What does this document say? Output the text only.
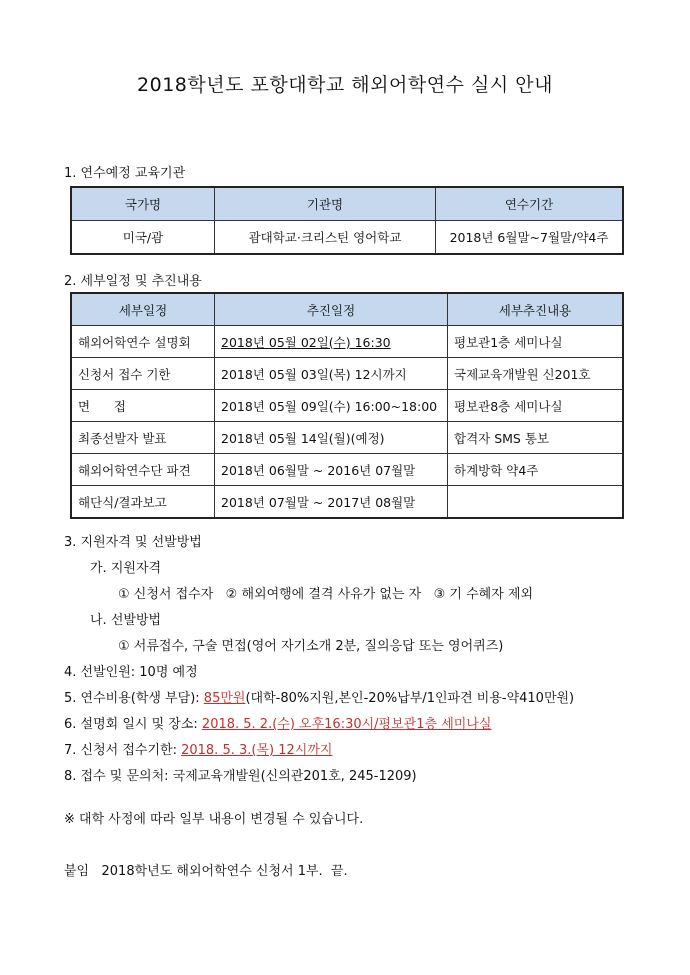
2018학년도 포항대학교 해외어학연수 실시 안내
1. 연수예정 교육기관
국가명	기관명	연수기간
미국/괌	괌대학교·크리스틴 영어학교	2018년 6월말~7월말/약4주
2. 세부일정 및 추진내용
세부일정	추진일정	세부추진내용
해외어학연수 설명회	2018년 05월 02일(수) 16:30	평보관1층 세미나실
신청서 접수 기한	2018년 05월 03일(목) 12시까지	국제교육개발원 신201호
면      접	2018년 05월 09일(수) 16:00~18:00	평보관8층 세미나실
최종선발자 발표	2018년 05월 14일(월)(예정)	합격자 SMS 통보
해외어학연수단 파견	2018년 06월말 ~ 2016년 07월말	하계방학 약4주
해단식/결과보고	2018년 07월말 ~ 2017년 08월말	
3. 지원자격 및 선발방법
가. 지원자격
① 신청서 접수자   ② 해외여행에 결격 사유가 없는 자   ③ 기 수혜자 제외
나. 선발방법
① 서류접수, 구술 면접(영어 자기소개 2분, 질의응답 또는 영어퀴즈)
4. 선발인원: 10명 예정
5. 연수비용(학생 부담): 85만원(대학-80%지원,본인-20%납부/1인파견 비용-약410만원)
6. 설명회 일시 및 장소: 2018. 5. 2.(수) 오후16:30시/평보관1층 세미나실
7. 신청서 접수기한: 2018. 5. 3.(목) 12시까지
8. 접수 및 문의처: 국제교육개발원(신의관201호, 245-1209)
※ 대학 사정에 따라 일부 내용이 변경될 수 있습니다.
붙임   2018학년도 해외어학연수 신청서 1부.  끝.
